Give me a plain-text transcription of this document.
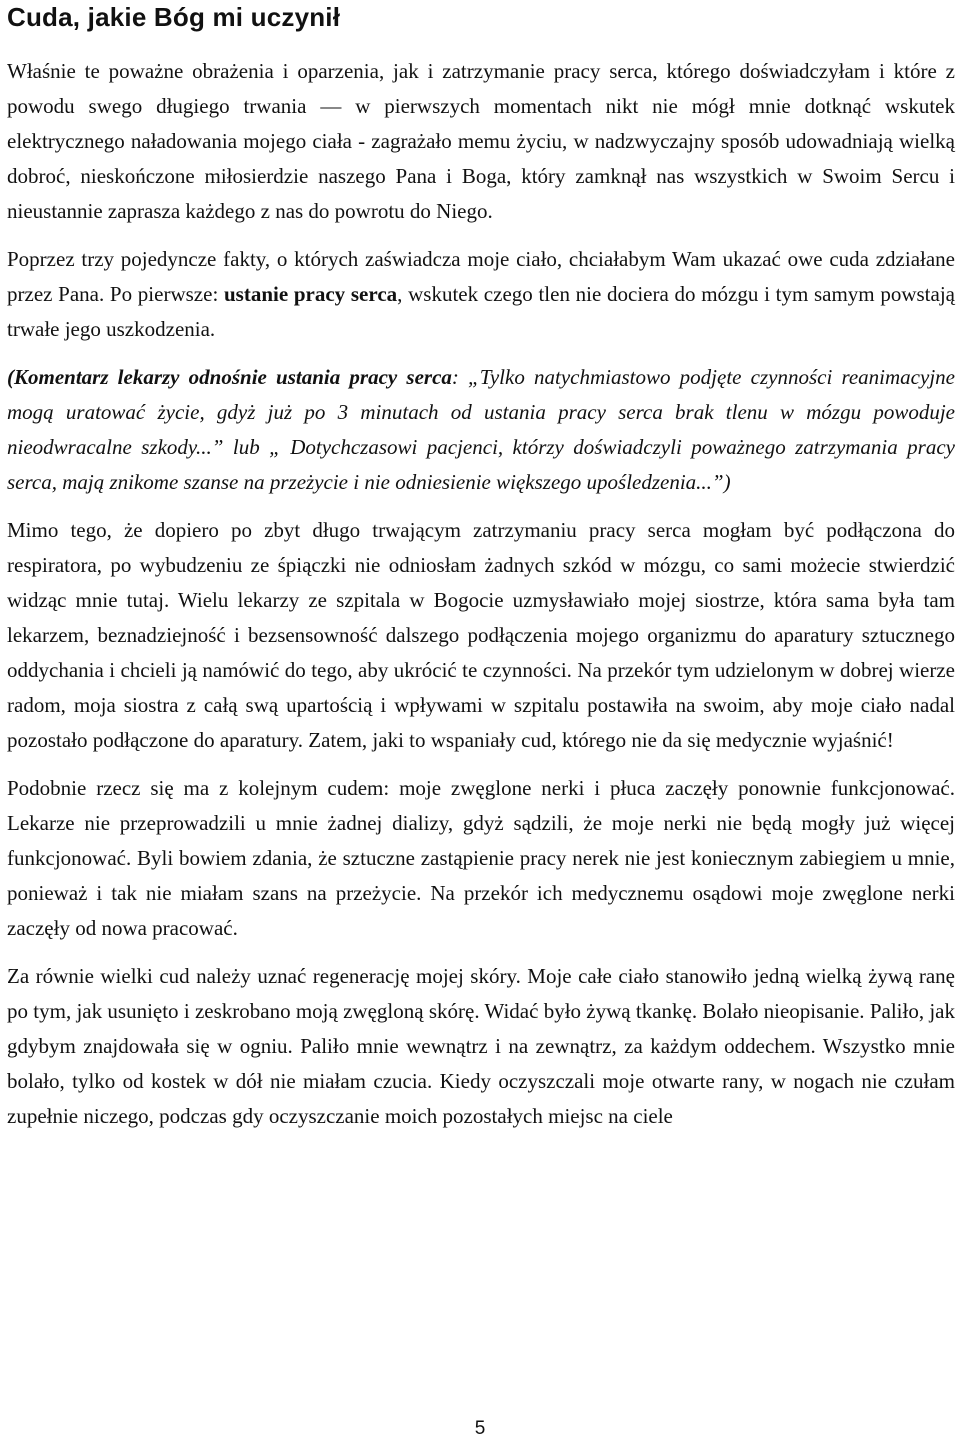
Cuda, jakie Bóg mi uczynił

Właśnie te poważne obrażenia i oparzenia, jak i zatrzymanie pracy serca, którego doświadczyłam i które z powodu swego długiego trwania — w pierwszych momentach nikt nie mógł mnie dotknąć wskutek elektrycznego naładowania mojego ciała - zagrażało memu życiu, w nadzwyczajny sposób udowadniają wielką dobroć, nieskończone miłosierdzie naszego Pana i Boga, który zamknął nas wszystkich w Swoim Sercu i nieustannie zaprasza każdego z nas do powrotu do Niego.

Poprzez trzy pojedyncze fakty, o których zaświadcza moje ciało, chciałabym Wam ukazać owe cuda zdziałane przez Pana. Po pierwsze: ustanie pracy serca, wskutek czego tlen nie dociera do mózgu i tym samym powstają trwałe jego uszkodzenia.

(Komentarz lekarzy odnośnie ustania pracy serca: „Tylko natychmiastowo podjęte czynności reanimacyjne mogą uratować życie, gdyż już po 3 minutach od ustania pracy serca brak tlenu w mózgu powoduje nieodwracalne szkody...” lub „ Dotychczasowi pacjenci, którzy doświadczyli poważnego zatrzymania pracy serca, mają znikome szanse na przeżycie i nie odniesienie większego upośledzenia...”)

Mimo tego, że dopiero po zbyt długo trwającym zatrzymaniu pracy serca mogłam być podłączona do respiratora, po wybudzeniu ze śpiączki nie odniosłam żadnych szkód w mózgu, co sami możecie stwierdzić widząc mnie tutaj. Wielu lekarzy ze szpitala w Bogocie uzmysławiało mojej siostrze, która sama była tam lekarzem, beznadziejność i bezsensowność dalszego podłączenia mojego organizmu do aparatury sztucznego oddychania i chcieli ją namówić do tego, aby ukrócić te czynności. Na przekór tym udzielonym w dobrej wierze radom, moja siostra z całą swą upartością i wpływami w szpitalu postawiła na swoim, aby moje ciało nadal pozostało podłączone do aparatury. Zatem, jaki to wspaniały cud, którego nie da się medycznie wyjaśnić!

Podobnie rzecz się ma z kolejnym cudem: moje zwęglone nerki i płuca zaczęły ponownie funkcjonować. Lekarze nie przeprowadzili u mnie żadnej dializy, gdyż sądzili, że moje nerki nie będą mogły już więcej funkcjonować. Byli bowiem zdania, że sztuczne zastąpienie pracy nerek nie jest koniecznym zabiegiem u mnie, ponieważ i tak nie miałam szans na przeżycie. Na przekór ich medycznemu osądowi moje zwęglone nerki zaczęły od nowa pracować.

Za równie wielki cud należy uznać regenerację mojej skóry. Moje całe ciało stanowiło jedną wielką żywą ranę po tym, jak usunięto i zeskrobano moją zwęgloną skórę. Widać było żywą tkankę. Bolało nieopisanie. Paliło, jak gdybym znajdowała się w ogniu. Paliło mnie wewnątrz i na zewnątrz, za każdym oddechem. Wszystko mnie bolało, tylko od kostek w dół nie miałam czucia. Kiedy oczyszczali moje otwarte rany, w nogach nie czułam zupełnie niczego, podczas gdy oczyszczanie moich pozostałych miejsc na ciele

5
